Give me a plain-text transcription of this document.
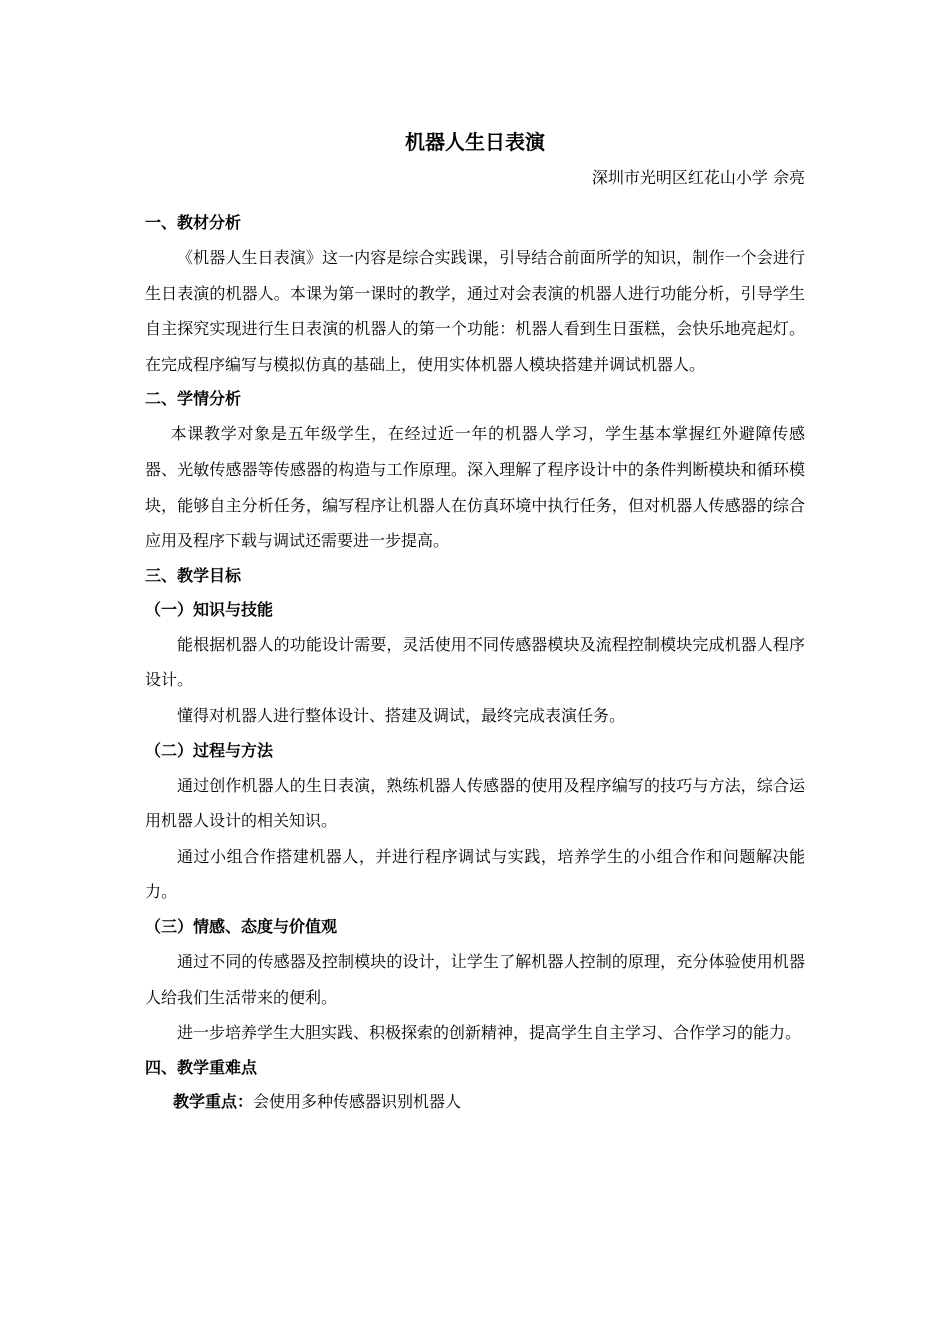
机器人生日表演

深圳市光明区红花山小学 佘亮

一、教材分析

《机器人生日表演》这一内容是综合实践课，引导结合前面所学的知识，制作一个会进行生日表演的机器人。本课为第一课时的教学，通过对会表演的机器人进行功能分析，引导学生自主探究实现进行生日表演的机器人的第一个功能：机器人看到生日蛋糕，会快乐地亮起灯。在完成程序编写与模拟仿真的基础上，使用实体机器人模块搭建并调试机器人。

二、学情分析

本课教学对象是五年级学生，在经过近一年的机器人学习，学生基本掌握红外避障传感器、光敏传感器等传感器的构造与工作原理。深入理解了程序设计中的条件判断模块和循环模块，能够自主分析任务，编写程序让机器人在仿真环境中执行任务，但对机器人传感器的综合应用及程序下载与调试还需要进一步提高。

三、教学目标

（一）知识与技能

能根据机器人的功能设计需要，灵活使用不同传感器模块及流程控制模块完成机器人程序设计。

懂得对机器人进行整体设计、搭建及调试，最终完成表演任务。

（二）过程与方法

通过创作机器人的生日表演，熟练机器人传感器的使用及程序编写的技巧与方法，综合运用机器人设计的相关知识。

通过小组合作搭建机器人，并进行程序调试与实践，培养学生的小组合作和问题解决能力。

（三）情感、态度与价值观

通过不同的传感器及控制模块的设计，让学生了解机器人控制的原理，充分体验使用机器人给我们生活带来的便利。

进一步培养学生大胆实践、积极探索的创新精神，提高学生自主学习、合作学习的能力。

四、教学重难点

教学重点：会使用多种传感器识别机器人
